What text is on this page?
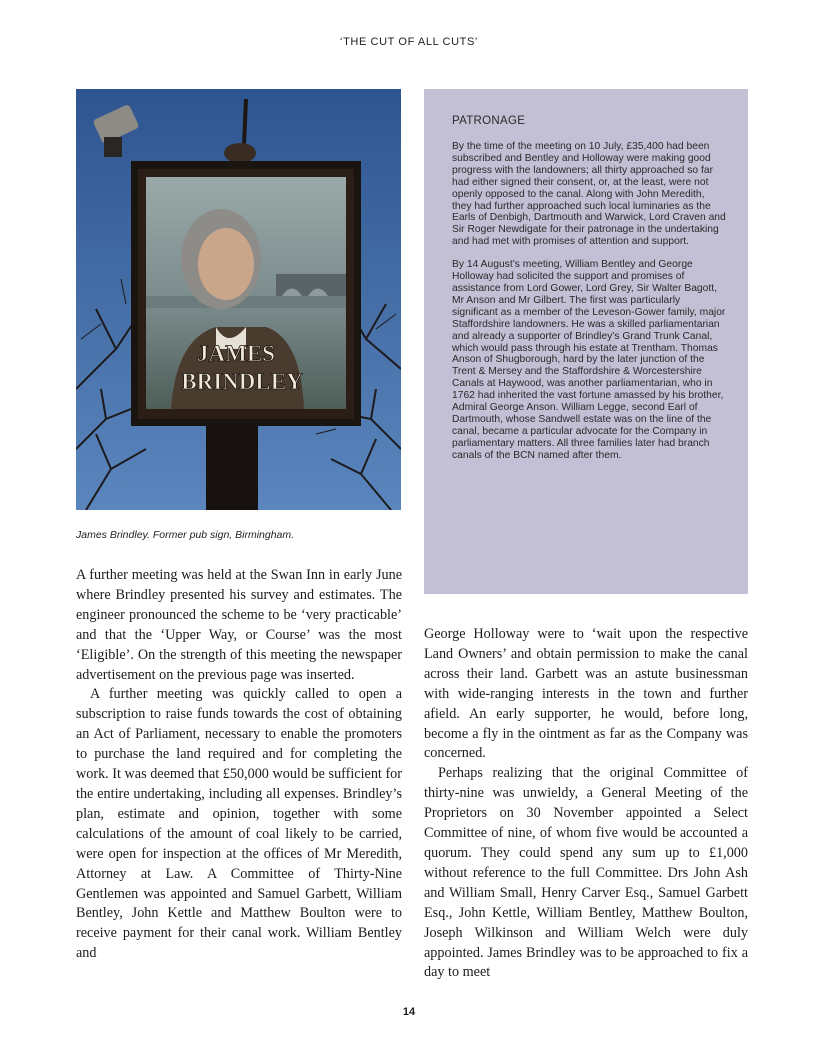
‘THE CUT OF ALL CUTS’
JAMES
BRINDLEY
James Brindley. Former pub sign, Birmingham.
PATRONAGE

By the time of the meeting on 10 July, £35,400 had been subscribed and Bentley and Holloway were making good progress with the landowners; all thirty approached so far had either signed their consent, or, at the least, were not openly opposed to the canal. Along with John Meredith, they had further approached such local luminaries as the Earls of Denbigh, Dartmouth and Warwick, Lord Craven and Sir Roger Newdigate for their patronage in the undertaking and had met with promises of attention and support.

By 14 August’s meeting, William Bentley and George Holloway had solicited the support and promises of assistance from Lord Gower, Lord Grey, Sir Walter Bagott, Mr Anson and Mr Gilbert. The first was particularly significant as a member of the Leveson-Gower family, major Staffordshire landowners. He was a skilled parliamentarian and already a supporter of Brindley’s Grand Trunk Canal, which would pass through his estate at Trentham. Thomas Anson of Shugborough, hard by the later junction of the Trent & Mersey and the Staffordshire & Worcestershire Canals at Haywood, was another parliamentarian, who in 1762 had inherited the vast fortune amassed by his brother, Admiral George Anson. William Legge, second Earl of Dartmouth, whose Sandwell estate was on the line of the canal, became a particular advocate for the Company in parliamentary matters. All three families later had branch canals of the BCN named after them.

A further meeting was held at the Swan Inn in early June where Brindley presented his survey and estimates. The engineer pronounced the scheme to be ‘very practicable’ and that the ‘Upper Way, or Course’ was the most ‘Eligible’. On the strength of this meeting the newspaper advertisement on the previous page was inserted.

A further meeting was quickly called to open a subscription to raise funds towards the cost of obtaining an Act of Parliament, necessary to enable the promoters to purchase the land required and for completing the work. It was deemed that £50,000 would be sufficient for the entire undertaking, including all expenses. Brindley’s plan, estimate and opinion, together with some calculations of the amount of coal likely to be carried, were open for inspection at the offices of Mr Meredith, Attorney at Law. A Committee of Thirty-Nine Gentlemen was appointed and Samuel Garbett, William Bentley, John Kettle and Matthew Boulton were to receive payment for their canal work. William Bentley and

George Holloway were to ‘wait upon the respective Land Owners’ and obtain permission to make the canal across their land. Garbett was an astute businessman with wide-ranging interests in the town and further afield. An early supporter, he would, before long, become a fly in the ointment as far as the Company was concerned.

Perhaps realizing that the original Committee of thirty-nine was unwieldy, a General Meeting of the Proprietors on 30 November appointed a Select Committee of nine, of whom five would be accounted a quorum. They could spend any sum up to £1,000 without reference to the full Committee. Drs John Ash and William Small, Henry Carver Esq., Samuel Garbett Esq., John Kettle, William Bentley, Matthew Boulton, Joseph Wilkinson and William Welch were duly appointed. James Brindley was to be approached to fix a day to meet

14
